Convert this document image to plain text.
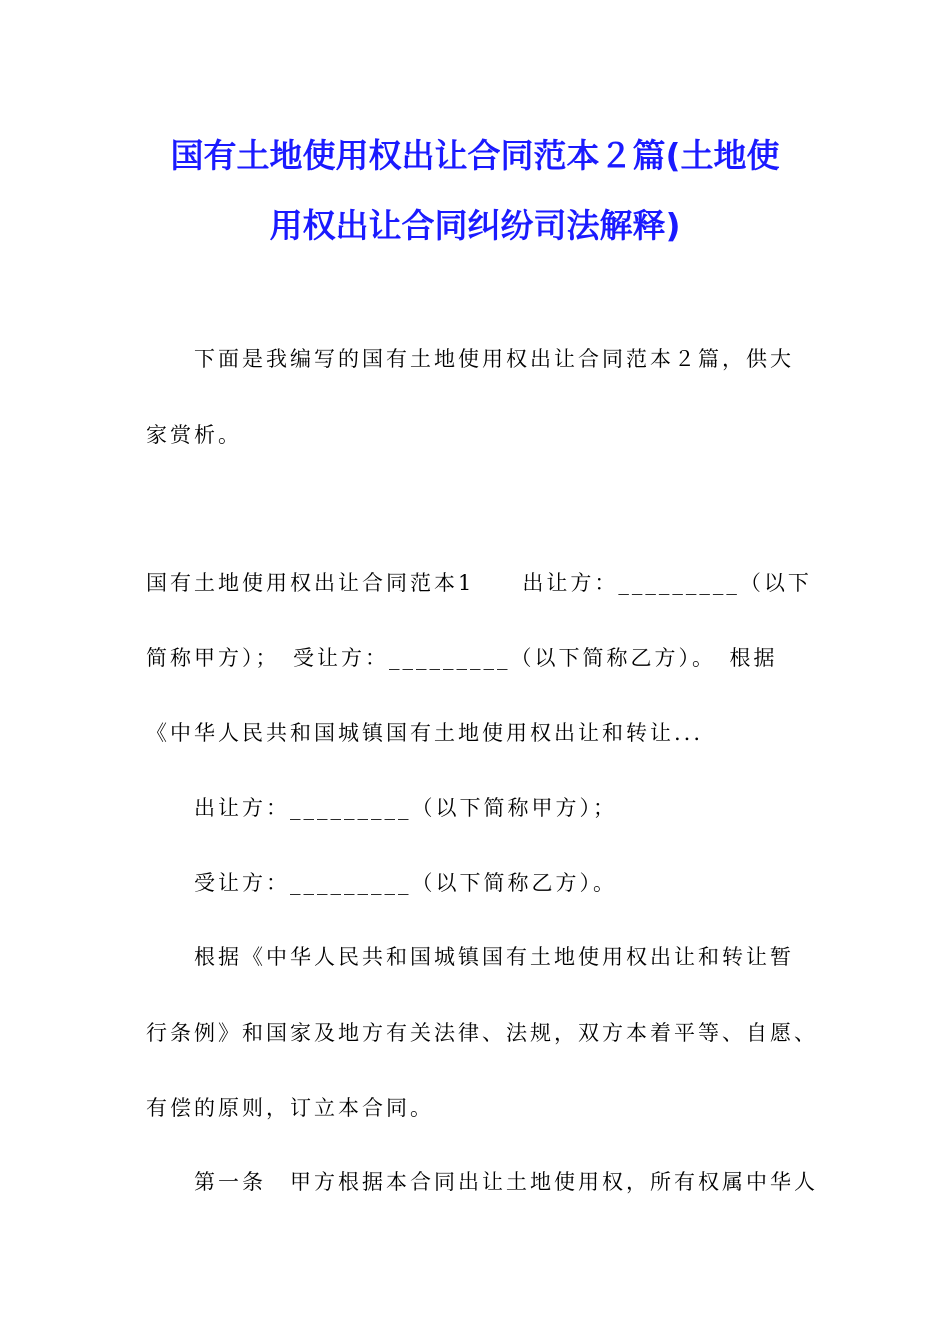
国有土地使用权出让合同范本２篇(土地使
用权出让合同纠纷司法解释)

　　下面是我编写的国有土地使用权出让合同范本２篇，供大

家赏析。

国有土地使用权出让合同范本1　　出让方：_________（以下

简称甲方）；　受让方：_________（以下简称乙方）。　根据

《中华人民共和国城镇国有土地使用权出让和转让...

　　出让方：_________（以下简称甲方）；

　　受让方：_________（以下简称乙方）。

　　根据《中华人民共和国城镇国有土地使用权出让和转让暂

行条例》和国家及地方有关法律、法规，双方本着平等、自愿、

有偿的原则，订立本合同。

　　第一条　甲方根据本合同出让土地使用权，所有权属中华人
